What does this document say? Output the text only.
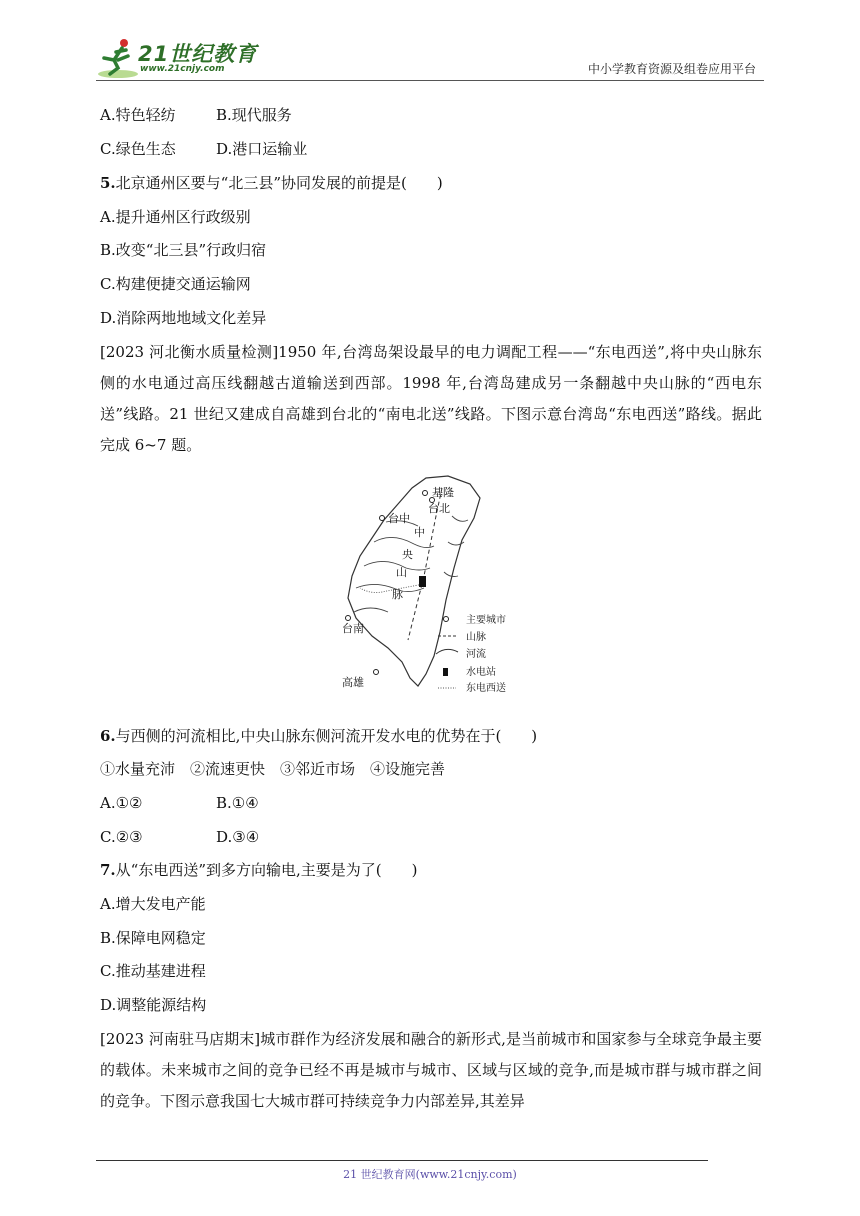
21世纪教育
www.21cnjy.com	中小学教育资源及组卷应用平台
A.特色轻纺	B.现代服务
C.绿色生态	D.港口运输业
5.北京通州区要与“北三县”协同发展的前提是(　　)
A.提升通州区行政级别
B.改变“北三县”行政归宿
C.构建便捷交通运输网
D.消除两地地域文化差异
[2023 河北衡水质量检测]1950 年,台湾岛架设最早的电力调配工程——“东电西送”,将中央山脉东侧的水电通过高压线翻越古道输送到西部。1998 年,台湾岛建成另一条翻越中央山脉的“西电东送”线路。21 世纪又建成自高雄到台北的“南电北送”线路。下图示意台湾岛“东电西送”路线。据此完成 6~7 题。
基隆
台北
台中
台南
高雄
中
央
山
脉
主要城市
山脉
河流
水电站
东电西送
6.与西侧的河流相比,中央山脉东侧河流开发水电的优势在于(　　)
①水量充沛　②流速更快　③邻近市场　④设施完善
A.①②	B.①④
C.②③	D.③④
7.从“东电西送”到多方向输电,主要是为了(　　)
A.增大发电产能
B.保障电网稳定
C.推动基建进程
D.调整能源结构
[2023 河南驻马店期末]城市群作为经济发展和融合的新形式,是当前城市和国家参与全球竞争最主要的载体。未来城市之间的竞争已经不再是城市与城市、区域与区域的竞争,而是城市群与城市群之间的竞争。下图示意我国七大城市群可持续竞争力内部差异,其差异
21 世纪教育网(www.21cnjy.com)
